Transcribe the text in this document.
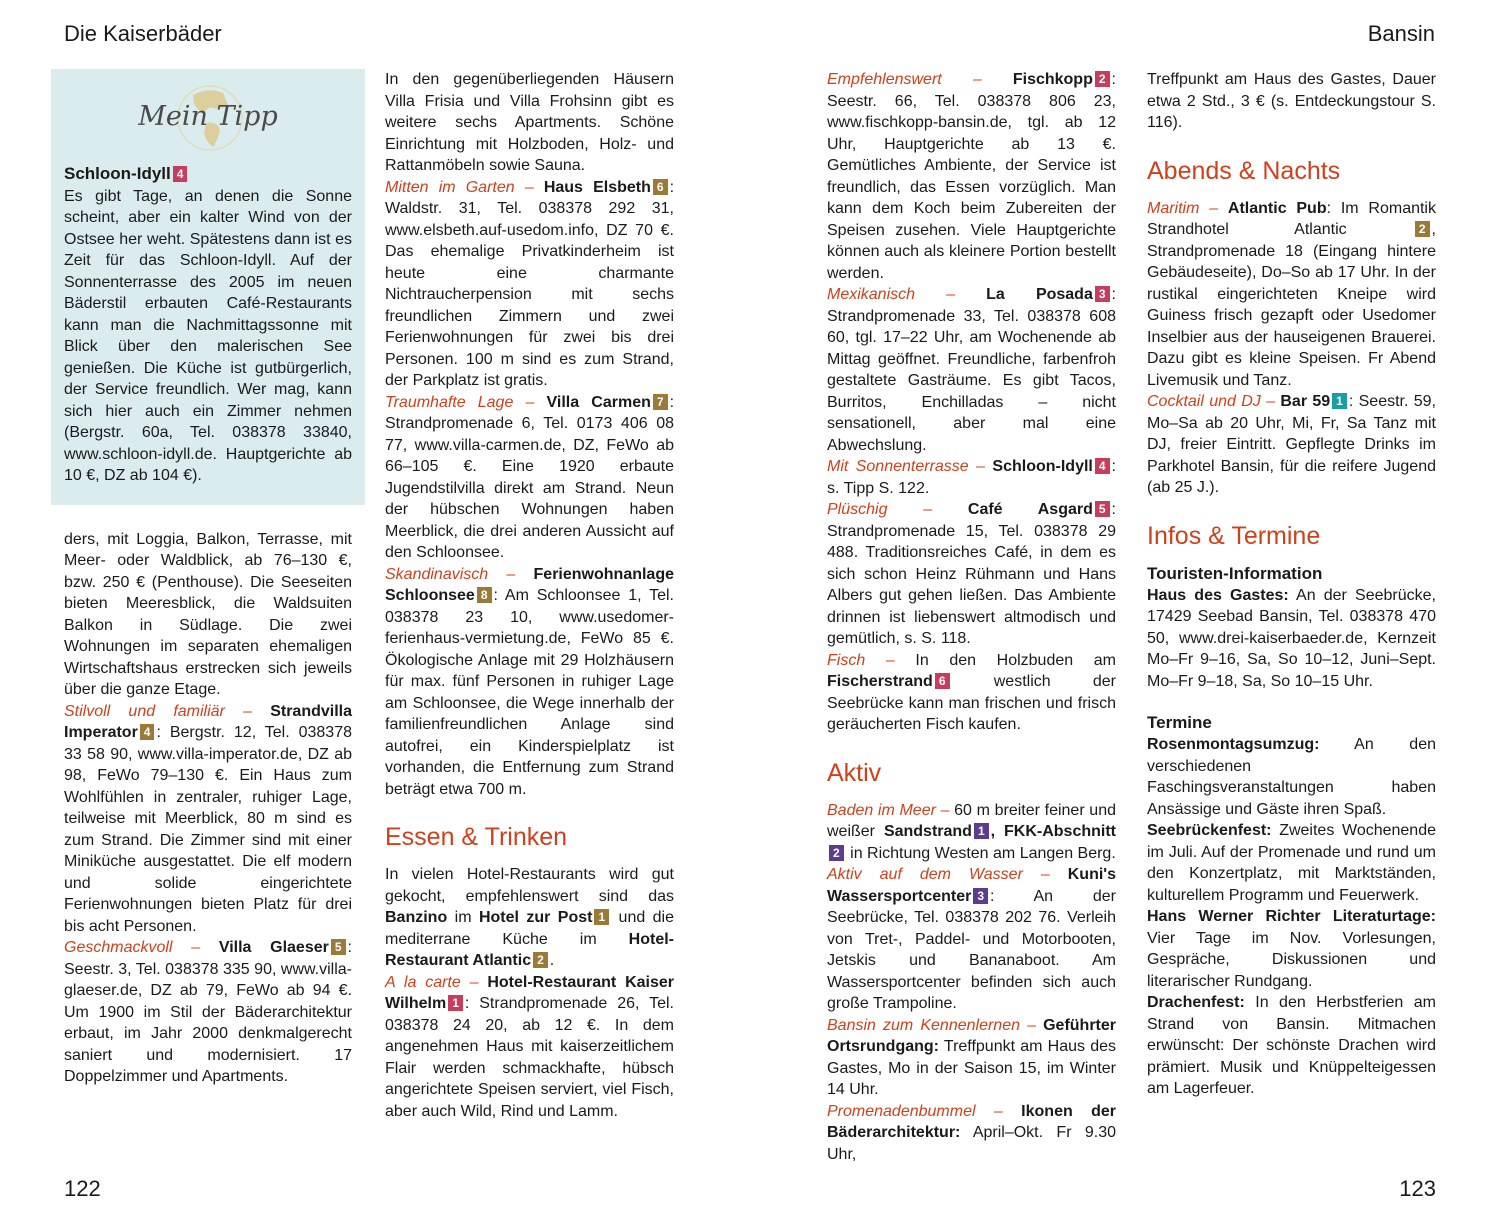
Die Kaiserbäder	Bansin
Mein Tipp
Schloon-Idyll 4

Es gibt Tage, an denen die Sonne scheint, aber ein kalter Wind von der Ostsee her weht. Spätestens dann ist es Zeit für das Schloon-Idyll. Auf der Sonnenterrasse des 2005 im neuen Bäderstil erbauten Café-Restaurants kann man die Nachmittagssonne mit Blick über den malerischen See genießen. Die Küche ist gutbürgerlich, der Service freundlich. Wer mag, kann sich hier auch ein Zimmer nehmen (Bergstr. 60a, Tel. 038378 33840, www.schloon-idyll.de. Hauptgerichte ab 10 €, DZ ab 104 €).

ders, mit Loggia, Balkon, Terrasse, mit Meer- oder Waldblick, ab 76–130 €, bzw. 250 € (Penthouse). Die Seeseiten bieten Meeresblick, die Waldsuiten Balkon in Südlage. Die zwei Wohnungen im separaten ehemaligen Wirtschaftshaus erstrecken sich jeweils über die ganze Etage.

Stilvoll und familiär – Strandvilla Imperator 4 : Bergstr. 12, Tel. 038378 33 58 90, www.villa-imperator.de, DZ ab 98, FeWo 79–130 €. Ein Haus zum Wohlfühlen in zentraler, ruhiger Lage, teilweise mit Meerblick, 80 m sind es zum Strand. Die Zimmer sind mit einer Miniküche ausgestattet. Die elf modern und solide eingerichtete Ferienwohnungen bieten Platz für drei bis acht Personen.

Geschmackvoll – Villa Glaeser 5 : Seestr. 3, Tel. 038378 335 90, www.villa-glaeser.de, DZ ab 79, FeWo ab 94 €. Um 1900 im Stil der Bäderarchitektur erbaut, im Jahr 2000 denkmalgerecht saniert und modernisiert. 17 Doppelzimmer und Apartments.

In den gegenüberliegenden Häusern Villa Frisia und Villa Frohsinn gibt es weitere sechs Apartments. Schöne Einrichtung mit Holzboden, Holz- und Rattanmöbeln sowie Sauna.

Mitten im Garten – Haus Elsbeth 6 : Waldstr. 31, Tel. 038378 292 31, www.elsbeth.auf-usedom.info, DZ 70 €. Das ehemalige Privatkinderheim ist heute eine charmante Nichtraucherpension mit sechs freundlichen Zimmern und zwei Ferienwohnungen für zwei bis drei Personen. 100 m sind es zum Strand, der Parkplatz ist gratis.

Traumhafte Lage – Villa Carmen 7 : Strandpromenade 6, Tel. 0173 406 08 77, www.villa-carmen.de, DZ, FeWo ab 66–105 €. Eine 1920 erbaute Jugendstilvilla direkt am Strand. Neun der hübschen Wohnungen haben Meerblick, die drei anderen Aussicht auf den Schloonsee.

Skandinavisch – Ferienwohnanlage Schloonsee 8 : Am Schloonsee 1, Tel. 038378 23 10, www.usedomer-ferienhaus-vermietung.de, FeWo 85 €. Ökologische Anlage mit 29 Holzhäusern für max. fünf Personen in ruhiger Lage am Schloonsee, die Wege innerhalb der familienfreundlichen Anlage sind autofrei, ein Kinderspielplatz ist vorhanden, die Entfernung zum Strand beträgt etwa 700 m.

Essen & Trinken

In vielen Hotel-Restaurants wird gut gekocht, empfehlenswert sind das Banzino im Hotel zur Post 1 und die mediterrane Küche im Hotel-Restaurant Atlantic 2 .

A la carte – Hotel-Restaurant Kaiser Wilhelm 1 : Strandpromenade 26, Tel. 038378 24 20, ab 12 €. In dem angenehmen Haus mit kaiserzeitlichem Flair werden schmackhafte, hübsch angerichtete Speisen serviert, viel Fisch, aber auch Wild, Rind und Lamm.

Empfehlenswert – Fischkopp 2 : Seestr. 66, Tel. 038378 806 23, www.fischkopp-bansin.de, tgl. ab 12 Uhr, Hauptgerichte ab 13 €. Gemütliches Ambiente, der Service ist freundlich, das Essen vorzüglich. Man kann dem Koch beim Zubereiten der Speisen zusehen. Viele Hauptgerichte können auch als kleinere Portion bestellt werden.

Mexikanisch – La Posada 3 : Strandpromenade 33, Tel. 038378 608 60, tgl. 17–22 Uhr, am Wochenende ab Mittag geöffnet. Freundliche, farbenfroh gestaltete Gasträume. Es gibt Tacos, Burritos, Enchilladas – nicht sensationell, aber mal eine Abwechslung.

Mit Sonnenterrasse – Schloon-Idyll 4 : s. Tipp S. 122.

Plüschig – Café Asgard 5 : Strandpromenade 15, Tel. 038378 29 488. Traditionsreiches Café, in dem es sich schon Heinz Rühmann und Hans Albers gut gehen ließen. Das Ambiente drinnen ist liebenswert altmodisch und gemütlich, s. S. 118.

Fisch – In den Holzbuden am Fischerstrand 6 westlich der Seebrücke kann man frischen und frisch geräucherten Fisch kaufen.

Aktiv

Baden im Meer – 60 m breiter feiner und weißer Sandstrand 1 , FKK-Abschnitt2 in Richtung Westen am Langen Berg.

Aktiv auf dem Wasser – Kuni's Wassersportcenter 3 : An der Seebrücke, Tel. 038378 202 76. Verleih von Tret-, Paddel- und Motorbooten, Jetskis und Bananaboot. Am Wassersportcenter befinden sich auch große Trampoline.

Bansin zum Kennenlernen – Geführter Ortsrundgang: Treffpunkt am Haus des Gastes, Mo in der Saison 15, im Winter 14 Uhr.

Promenadenbummel – Ikonen der Bäderarchitektur: April–Okt. Fr 9.30 Uhr,

Treffpunkt am Haus des Gastes, Dauer etwa 2 Std., 3 € (s. Entdeckungstour S. 116).

Abends & Nachts

Maritim – Atlantic Pub: Im Romantik Strandhotel Atlantic 2 , Strandpromenade 18 (Eingang hintere Gebäudeseite), Do–So ab 17 Uhr. In der rustikal eingerichteten Kneipe wird Guiness frisch gezapft oder Usedomer Inselbier aus der hauseigenen Brauerei. Dazu gibt es kleine Speisen. Fr Abend Livemusik und Tanz.

Cocktail und DJ – Bar 59 1 : Seestr. 59, Mo–Sa ab 20 Uhr, Mi, Fr, Sa Tanz mit DJ, freier Eintritt. Gepflegte Drinks im Parkhotel Bansin, für die reifere Jugend (ab 25 J.).

Infos & Termine
Touristen-Information

Haus des Gastes: An der Seebrücke, 17429 Seebad Bansin, Tel. 038378 470 50, www.drei-kaiserbaeder.de, Kernzeit Mo–Fr 9–16, Sa, So 10–12, Juni–Sept. Mo–Fr 9–18, Sa, So 10–15 Uhr.

Termine

Rosenmontagsumzug: An den verschiedenen Faschingsveranstaltungen haben Ansässige und Gäste ihren Spaß.

Seebrückenfest: Zweites Wochenende im Juli. Auf der Promenade und rund um den Konzertplatz, mit Marktständen, kulturellem Programm und Feuerwerk.

Hans Werner Richter Literaturtage: Vier Tage im Nov. Vorlesungen, Gespräche, Diskussionen und literarischer Rundgang.

Drachenfest: In den Herbstferien am Strand von Bansin. Mitmachen erwünscht: Der schönste Drachen wird prämiert. Musik und Knüppelteigessen am Lagerfeuer.

122	123
